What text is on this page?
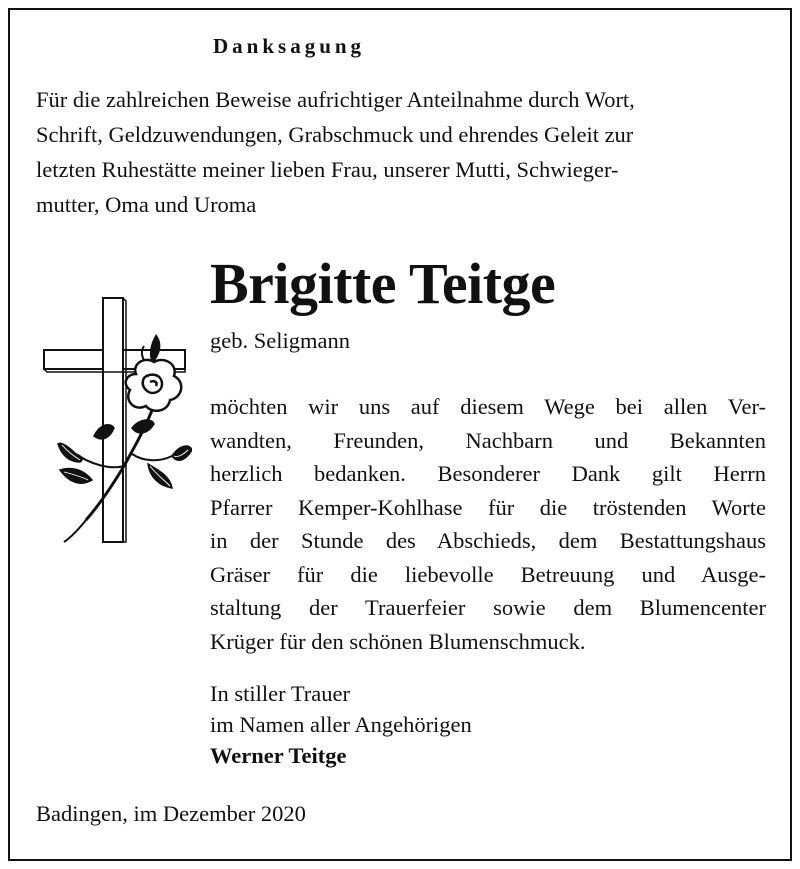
Danksagung
Für die zahlreichen Beweise aufrichtiger Anteilnahme durch Wort,
Schrift, Geldzuwendungen, Grabschmuck und ehrendes Geleit zur
letzten Ruhestätte meiner lieben Frau, unserer Mutti, Schwieger-
mutter, Oma und Uroma
Brigitte Teitge
geb. Seligmann
möchten wir uns auf diesem Wege bei allen Ver-
wandten, Freunden, Nachbarn und Bekannten
herzlich bedanken. Besonderer Dank gilt Herrn
Pfarrer Kemper-Kohlhase für die tröstenden Worte
in der Stunde des Abschieds, dem Bestattungshaus
Gräser für die liebevolle Betreuung und Ausge-
staltung der Trauerfeier sowie dem Blumencenter
Krüger für den schönen Blumenschmuck.
In stiller Trauer
im Namen aller Angehörigen
Werner Teitge
Badingen, im Dezember 2020
